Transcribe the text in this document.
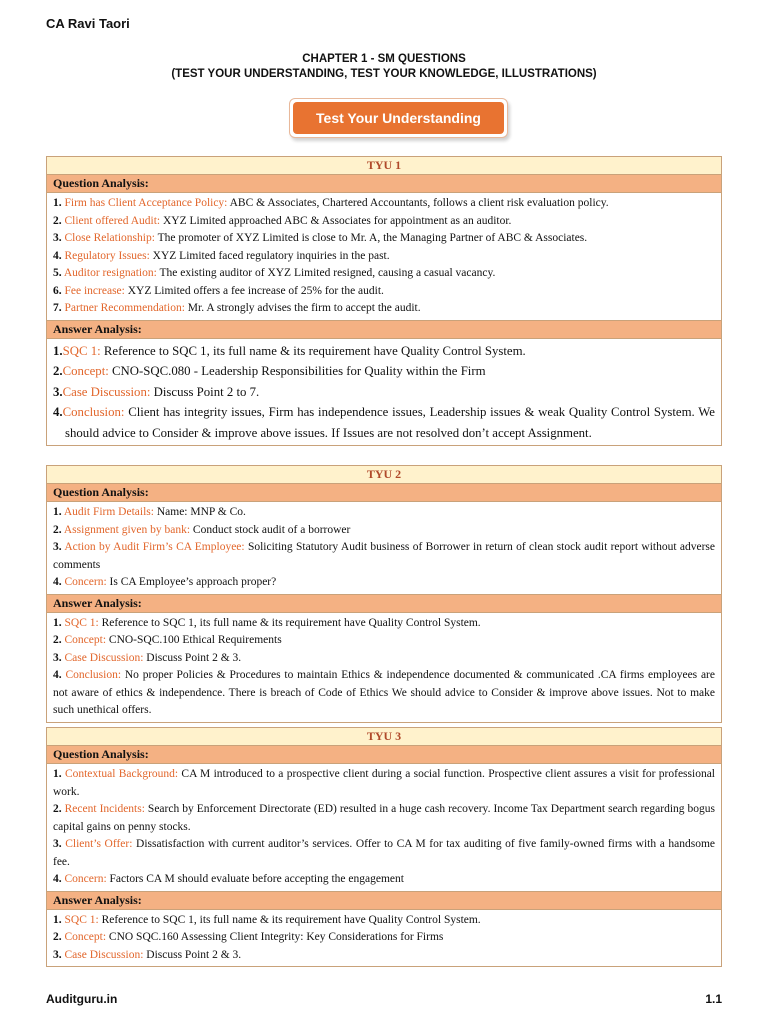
CA Ravi Taori
CHAPTER 1 - SM QUESTIONS
(TEST YOUR UNDERSTANDING, TEST YOUR KNOWLEDGE, ILLUSTRATIONS)
Test Your Understanding
TYU 1
Question Analysis:
1. Firm has Client Acceptance Policy: ABC & Associates, Chartered Accountants, follows a client risk evaluation policy.
2. Client offered Audit: XYZ Limited approached ABC & Associates for appointment as an auditor.
3. Close Relationship: The promoter of XYZ Limited is close to Mr. A, the Managing Partner of ABC & Associates.
4. Regulatory Issues: XYZ Limited faced regulatory inquiries in the past.
5. Auditor resignation: The existing auditor of XYZ Limited resigned, causing a casual vacancy.
6. Fee increase: XYZ Limited offers a fee increase of 25% for the audit.
7. Partner Recommendation: Mr. A strongly advises the firm to accept the audit.
Answer Analysis:
1.SQC 1: Reference to SQC 1, its full name & its requirement have Quality Control System.
2.Concept: CNO-SQC.080 - Leadership Responsibilities for Quality within the Firm
3.Case Discussion: Discuss Point 2 to 7.
4.Conclusion: Client has integrity issues, Firm has independence issues, Leadership issues & weak Quality Control System. We should advice to Consider & improve above issues. If Issues are not resolved don’t accept Assignment.
TYU 2
Question Analysis:
1. Audit Firm Details: Name: MNP & Co.
2. Assignment given by bank: Conduct stock audit of a borrower
3. Action by Audit Firm’s CA Employee: Soliciting Statutory Audit business of Borrower in return of clean stock audit report without adverse comments
4. Concern: Is CA Employee’s approach proper?
Answer Analysis:
1. SQC 1: Reference to SQC 1, its full name & its requirement have Quality Control System.
2. Concept: CNO-SQC.100 Ethical Requirements
3. Case Discussion: Discuss Point 2 & 3.
4. Conclusion: No proper Policies & Procedures to maintain Ethics & independence documented & communicated .CA firms employees are not aware of ethics & independence. There is breach of Code of Ethics We should advice to Consider & improve above issues. Not to make such unethical offers.
TYU 3
Question Analysis:
1. Contextual Background: CA M introduced to a prospective client during a social function. Prospective client assures a visit for professional work.
2. Recent Incidents: Search by Enforcement Directorate (ED) resulted in a huge cash recovery. Income Tax Department search regarding bogus capital gains on penny stocks.
3. Client’s Offer: Dissatisfaction with current auditor’s services. Offer to CA M for tax auditing of five family-owned firms with a handsome fee.
4. Concern: Factors CA M should evaluate before accepting the engagement
Answer Analysis:
1. SQC 1: Reference to SQC 1, its full name & its requirement have Quality Control System.
2. Concept: CNO SQC.160 Assessing Client Integrity: Key Considerations for Firms
3. Case Discussion: Discuss Point 2 & 3.
Auditguru.in	1.1
